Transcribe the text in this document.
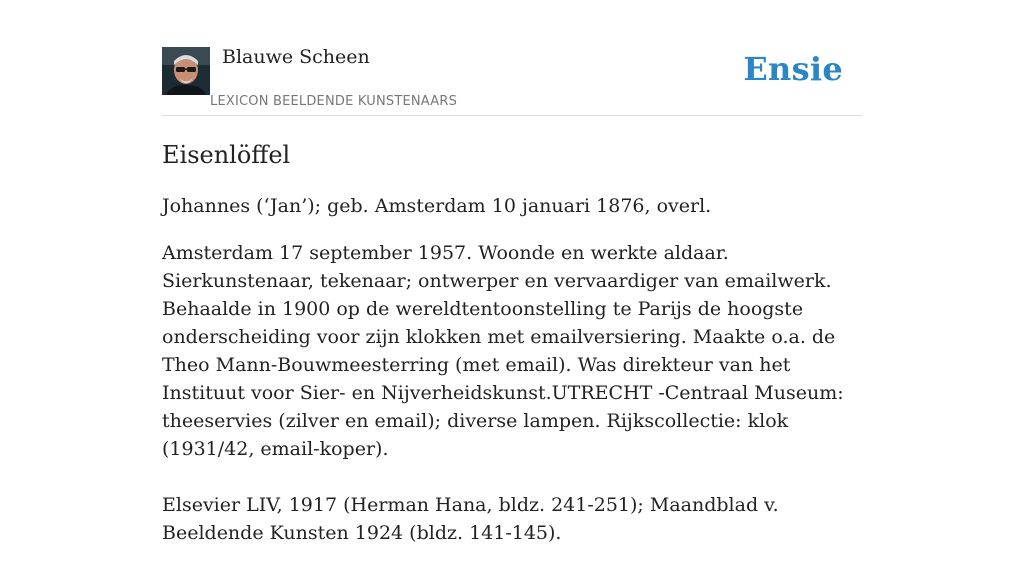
Blauwe Scheen
LEXICON BEELDENDE KUNSTENAARS
Ensie
Eisenlöffel

Johannes (‘Jan’); geb. Amsterdam 10 januari 1876, overl.

Amsterdam 17 september 1957. Woonde en werkte aldaar. Sierkunstenaar, tekenaar; ontwerper en vervaardiger van emailwerk. Behaalde in 1900 op de wereldtentoonstelling te Parijs de hoogste onderscheiding voor zijn klokken met emailversiering. Maakte o.a. de Theo Mann-Bouwmeesterring (met email). Was direkteur van het Instituut voor Sier- en Nijverheidskunst.UTRECHT -Centraal Museum: theeservies (zilver en email); diverse lampen. Rijkscollectie: klok (1931/42, email-koper).

Elsevier LIV, 1917 (Herman Hana, bldz. 241-251); Maandblad v. Beeldende Kunsten 1924 (bldz. 141-145).
